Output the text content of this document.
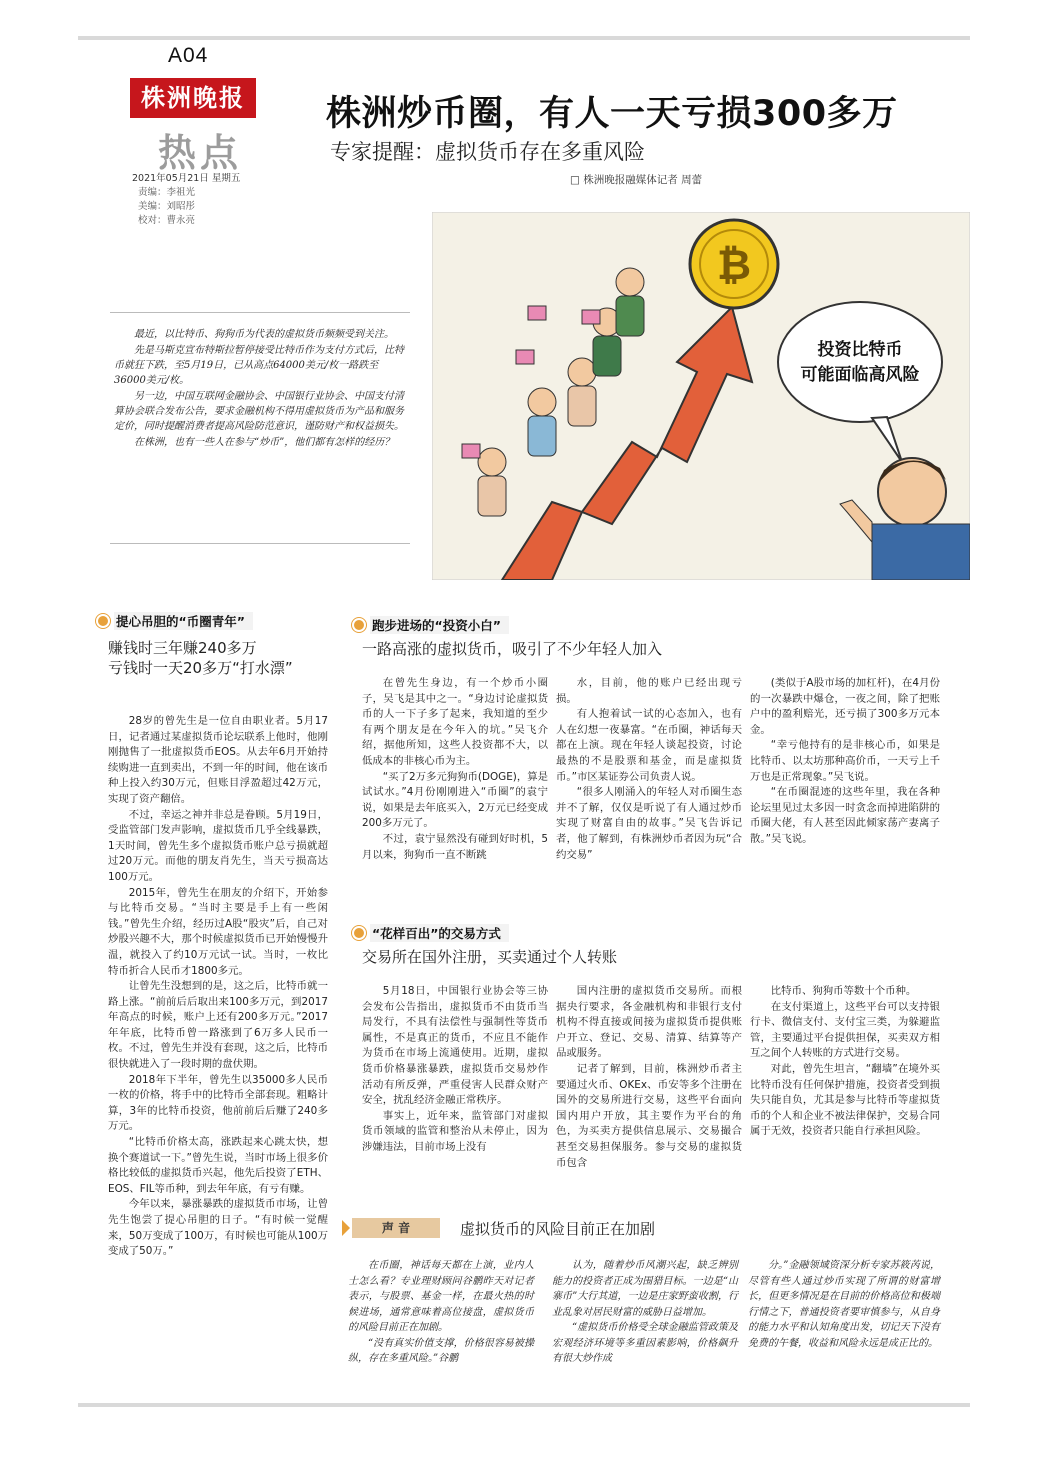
A04
株洲晚报
热点
2021年05月21日 星期五
责编：李祖光
美编：刘昭彤
校对：曹永亮
株洲炒币圈，有人一天亏损300多万
专家提醒：虚拟货币存在多重风险
□ 株洲晚报融媒体记者 周蕾
₿
投资比特币
可能面临高风险

最近，以比特币、狗狗币为代表的虚拟货币频频受到关注。

先是马斯克宣布特斯拉暂停接受比特币作为支付方式后，比特币就狂下跌，至5月19日，已从高点64000美元/枚一路跌至36000美元/枚。

另一边，中国互联网金融协会、中国银行业协会、中国支付清算协会联合发布公告，要求金融机构不得用虚拟货币为产品和服务定价，同时提醒消费者提高风险防范意识，谨防财产和权益损失。

在株洲，也有一些人在参与“炒币”，他们都有怎样的经历？

提心吊胆的“币圈青年”
赚钱时三年赚240多万
亏钱时一天20多万“打水漂”

28岁的曾先生是一位自由职业者。5月17日，记者通过某虚拟货币论坛联系上他时，他刚刚抛售了一批虚拟货币EOS。从去年6月开始持续购进一直到卖出，不到一年的时间，他在该币种上投入约30万元，但账目浮盈超过42万元，实现了资产翻倍。

不过，幸运之神并非总是眷顾。5月19日，受监管部门发声影响，虚拟货币几乎全线暴跌，1天时间，曾先生多个虚拟货币账户总亏损就超过20万元。而他的朋友肖先生，当天亏损高达100万元。

2015年，曾先生在朋友的介绍下，开始参与比特币交易。“当时主要是手上有一些闲钱。”曾先生介绍，经历过A股“股灾”后，自己对炒股兴趣不大，那个时候虚拟货币已开始慢慢升温，就投入了约10万元试一试。当时，一枚比特币折合人民币才1800多元。

让曾先生没想到的是，这之后，比特币就一路上涨。“前前后后取出来100多万元，到2017年高点的时候，账户上还有200多万元。”2017年年底，比特币曾一路涨到了6万多人民币一枚。不过，曾先生并没有套现，这之后，比特币很快就进入了一段时期的盘伏期。

2018年下半年，曾先生以35000多人民币一枚的价格，将手中的比特币全部套现。粗略计算，3年的比特币投资，他前前后后赚了240多万元。

“比特币价格太高，涨跌起来心跳太快，想换个赛道试一下。”曾先生说，当时市场上很多价格比较低的虚拟货币兴起，他先后投资了ETH、EOS、FIL等币种，到去年年底，有亏有赚。

今年以来，暴涨暴跌的虚拟货币市场，让曾先生饱尝了提心吊胆的日子。“有时候一觉醒来，50万变成了100万，有时候也可能从100万变成了50万。”

跑步进场的“投资小白”
一路高涨的虚拟货币，吸引了不少年轻人加入

在曾先生身边，有一个炒币小圈子，吴飞是其中之一。“身边讨论虚拟货币的人一下子多了起来，我知道的至少有两个朋友是在今年入的坑。”吴飞介绍，据他所知，这些人投资都不大，以低成本的非核心币为主。

“买了2万多元狗狗币(DOGE)，算是试试水。”4月份刚刚进入“币圈”的袁宁说，如果是去年底买入，2万元已经变成200多万元了。

不过，袁宁显然没有碰到好时机，5月以来，狗狗币一直不断跳

水，目前，他的账户已经出现亏损。

有人抱着试一试的心态加入，也有人在幻想一夜暴富。“在币圈，神话每天都在上演。现在年轻人谈起投资，讨论最热的不是股票和基金，而是虚拟货币。”市区某证券公司负责人说。

“很多人刚涌入的年轻人对币圈生态并不了解，仅仅是听说了有人通过炒币实现了财富自由的故事。”吴飞告诉记者，他了解到，有株洲炒币者因为玩“合约交易”

(类似于A股市场的加杠杆)，在4月份的一次暴跌中爆仓，一夜之间，除了把账户中的盈利赔光，还亏损了300多万元本金。

“幸亏他持有的是非核心币，如果是比特币、以太坊那种高价币，一天亏上千万也是正常现象。”吴飞说。

“在币圈混迹的这些年里，我在各种论坛里见过太多因一时贪念而掉进陷阱的币圈大佬，有人甚至因此倾家荡产妻离子散。”吴飞说。

“花样百出”的交易方式
交易所在国外注册，买卖通过个人转账

5月18日，中国银行业协会等三协会发布公告指出，虚拟货币不由货币当局发行，不具有法偿性与强制性等货币属性，不是真正的货币，不应且不能作为货币在市场上流通使用。近期，虚拟货币价格暴涨暴跌，虚拟货币交易炒作活动有所反弹，严重侵害人民群众财产安全，扰乱经济金融正常秩序。

事实上，近年来，监管部门对虚拟货币领域的监管和整治从未停止，因为涉嫌违法，目前市场上没有

国内注册的虚拟货币交易所。而根据央行要求，各金融机构和非银行支付机构不得直接或间接为虚拟货币提供账户开立、登记、交易、清算、结算等产品或服务。

记者了解到，目前，株洲炒币者主要通过火币、OKEx、币安等多个注册在国外的交易所进行交易，这些平台面向国内用户开放，其主要作为平台的角色，为买卖方提供信息展示、交易撮合甚至交易担保服务。参与交易的虚拟货币包含

比特币、狗狗币等数十个币种。

在支付渠道上，这些平台可以支持银行卡、微信支付、支付宝三类，为躲避监管，主要通过平台提供担保，买卖双方相互之间个人转账的方式进行交易。

对此，曾先生坦言，“翻墙”在境外买比特币没有任何保护措施，投资者受到损失只能自负，尤其是参与比特币等虚拟货币的个人和企业不被法律保护，交易合同属于无效，投资者只能自行承担风险。

声 音	虚拟货币的风险目前正在加剧

在币圈，神话每天都在上演，业内人士怎么看？专业理财顾问谷鹏昨天对记者表示，与股票、基金一样，在最火热的时候进场，通常意味着高位接盘，虚拟货币的风险目前正在加剧。

“没有真实价值支撑，价格很容易被操纵，存在多重风险。”谷鹏

认为，随着炒币风潮兴起，缺乏辨别能力的投资者正成为围猎目标。一边是“山寨币”大行其道，一边是庄家野蛮收割，行业乱象对居民财富的威胁日益增加。

“虚拟货币价格受全球金融监管政策及宏观经济环境等多重因素影响，价格飙升有很大炒作成

分。”金融领域资深分析专家苏筱芮说，尽管有些人通过炒币实现了所谓的财富增长，但更多情况是在目前的价格高位和极端行情之下，普通投资者要审慎参与，从自身的能力水平和认知角度出发，切记天下没有免费的午餐，收益和风险永远是成正比的。
